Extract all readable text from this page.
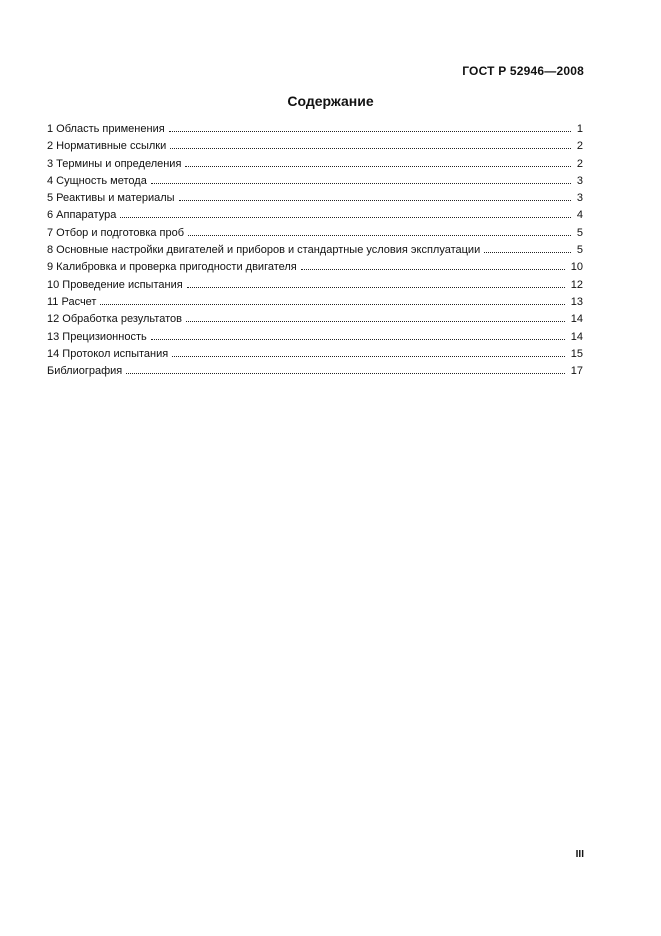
ГОСТ Р 52946—2008
Содержание
1 Область применения	1
2 Нормативные ссылки	2
3 Термины и определения	2
4 Сущность метода	3
5 Реактивы и материалы	3
6 Аппаратура	4
7 Отбор и подготовка проб	5
8 Основные настройки двигателей и приборов и стандартные условия эксплуатации	5
9 Калибровка и проверка пригодности двигателя	10
10 Проведение испытания	12
11 Расчет	13
12 Обработка результатов	14
13 Прецизионность	14
14 Протокол испытания	15
Библиография	17
III
